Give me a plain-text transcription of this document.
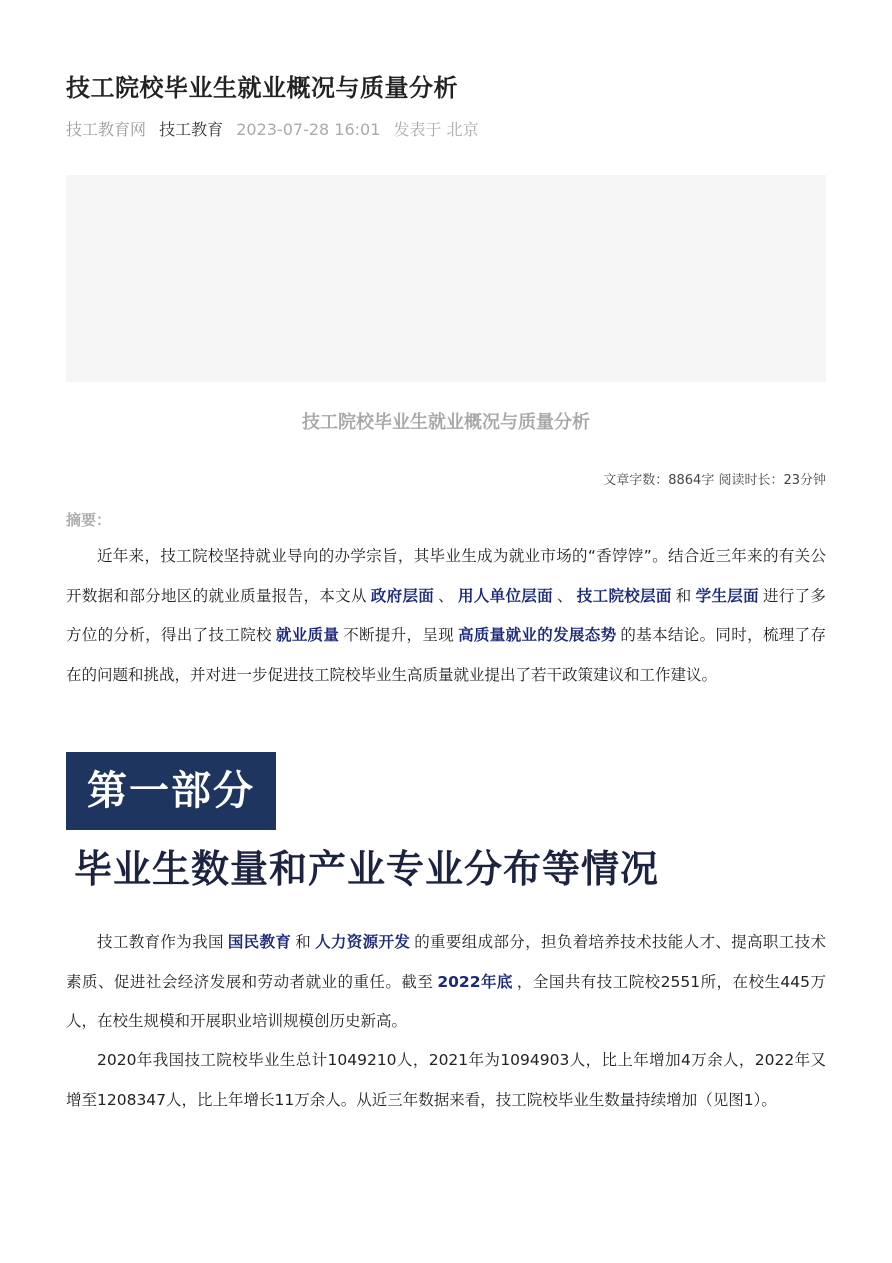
技工院校毕业生就业概况与质量分析
技工教育网 技工教育 2023-07-28 16:01 发表于 北京
技工院校毕业生就业概况与质量分析
文章字数：8864字 阅读时长：23分钟
摘要：

近年来，技工院校坚持就业导向的办学宗旨，其毕业生成为就业市场的“香饽饽”。结合近三年来的有关公开数据和部分地区的就业质量报告，本文从 政府层面 、 用人单位层面 、 技工院校层面 和 学生层面 进行了多方位的分析，得出了技工院校 就业质量 不断提升，呈现 高质量就业的发展态势 的基本结论。同时，梳理了存在的问题和挑战，并对进一步促进技工院校毕业生高质量就业提出了若干政策建议和工作建议。

第一部分
毕业生数量和产业专业分布等情况

技工教育作为我国 国民教育 和 人力资源开发 的重要组成部分，担负着培养技术技能人才、提高职工技术素质、促进社会经济发展和劳动者就业的重任。截至 2022年底 ，全国共有技工院校2551所，在校生445万人，在校生规模和开展职业培训规模创历史新高。

2020年我国技工院校毕业生总计1049210人，2021年为1094903人，比上年增加4万余人，2022年又增至1208347人，比上年增长11万余人。从近三年数据来看，技工院校毕业生数量持续增加（见图1）。
